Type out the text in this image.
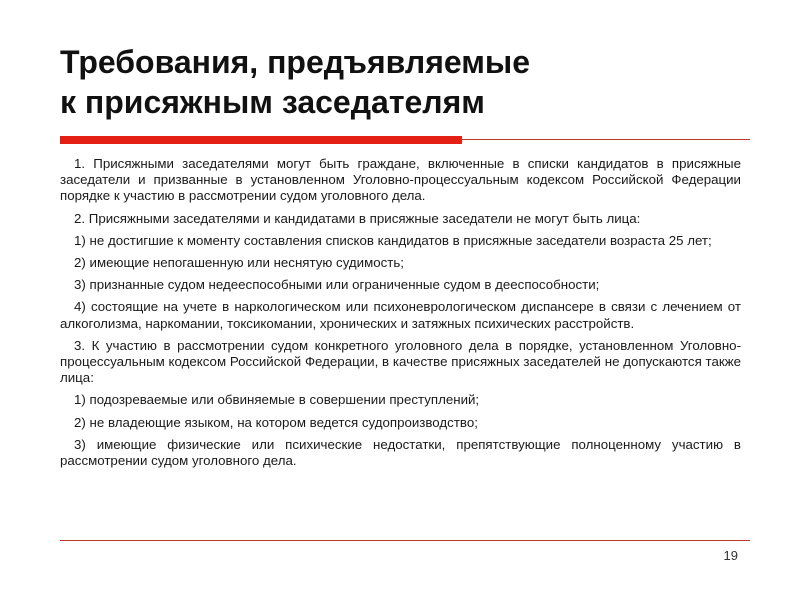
Требования, предъявляемые
к присяжным заседателям

1. Присяжными заседателями могут быть граждане, включенные в списки кандидатов в присяжные заседатели и призванные в установленном Уголовно-процессуальным кодексом Российской Федерации порядке к участию в рассмотрении судом уголовного дела.

2. Присяжными заседателями и кандидатами в присяжные заседатели не могут быть лица:

1) не достигшие к моменту составления списков кандидатов в присяжные заседатели возраста 25 лет;

2) имеющие непогашенную или неснятую судимость;

3) признанные судом недееспособными или ограниченные судом в дееспособности;

4) состоящие на учете в наркологическом или психоневрологическом диспансере в связи с лечением от алкоголизма, наркомании, токсикомании, хронических и затяжных психических расстройств.

3. К участию в рассмотрении судом конкретного уголовного дела в порядке, установленном Уголовно-процессуальным кодексом Российской Федерации, в качестве присяжных заседателей не допускаются также лица:

1) подозреваемые или обвиняемые в совершении преступлений;

2) не владеющие языком, на котором ведется судопроизводство;

3) имеющие физические или психические недостатки, препятствующие полноценному участию в рассмотрении судом уголовного дела.

19
